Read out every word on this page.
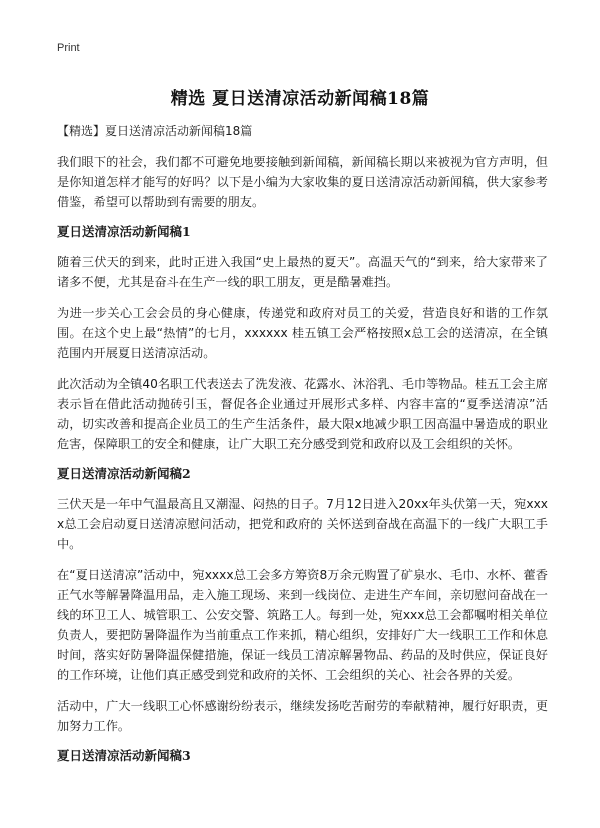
Print
精选 夏日送清凉活动新闻稿18篇
【精选】夏日送清凉活动新闻稿18篇

我们眼下的社会，我们都不可避免地要接触到新闻稿，新闻稿长期以来被视为官方声明，但是你知道怎样才能写的好吗？以下是小编为大家收集的夏日送清凉活动新闻稿，供大家参考借鉴，希望可以帮助到有需要的朋友。

夏日送清凉活动新闻稿1

随着三伏天的到来，此时正进入我国“史上最热的夏天”。高温天气的“到来，给大家带来了诸多不便，尤其是奋斗在生产一线的职工朋友，更是酷暑难挡。

为进一步关心工会会员的身心健康，传递党和政府对员工的关爱，营造良好和谐的工作氛围。在这个史上最“热情”的七月，xxxxxx 桂五镇工会严格按照x总工会的送清凉，在全镇范围内开展夏日送清凉活动。

此次活动为全镇40名职工代表送去了洗发液、花露水、沐浴乳、毛巾等物品。桂五工会主席表示旨在借此活动抛砖引玉，督促各企业通过开展形式多样、内容丰富的“夏季送清凉”活动，切实改善和提高企业员工的生产生活条件，最大限x地减少职工因高温中暑造成的职业危害，保障职工的安全和健康，让广大职工充分感受到党和政府以及工会组织的关怀。

夏日送清凉活动新闻稿2

三伏天是一年中气温最高且又潮湿、闷热的日子。7月12日进入20xx年头伏第一天，宛xxxx总工会启动夏日送清凉慰问活动，把党和政府的 关怀送到奋战在高温下的一线广大职工手中。

在“夏日送清凉”活动中，宛xxxx总工会多方筹资8万余元购置了矿泉水、毛巾、水杯、藿香正气水等解暑降温用品，走入施工现场、来到一线岗位、走进生产车间，亲切慰问奋战在一线的环卫工人、城管职工、公安交警、筑路工人。每到一处，宛xxx总工会都嘱咐相关单位负责人，要把防暑降温作为当前重点工作来抓，精心组织，安排好广大一线职工工作和休息时间，落实好防暑降温保健措施，保证一线员工清凉解暑物品、药品的及时供应，保证良好的工作环境，让他们真正感受到党和政府的关怀、工会组织的关心、社会各界的关爱。

活动中，广大一线职工心怀感谢纷纷表示，继续发扬吃苦耐劳的奉献精神，履行好职责，更加努力工作。

夏日送清凉活动新闻稿3
